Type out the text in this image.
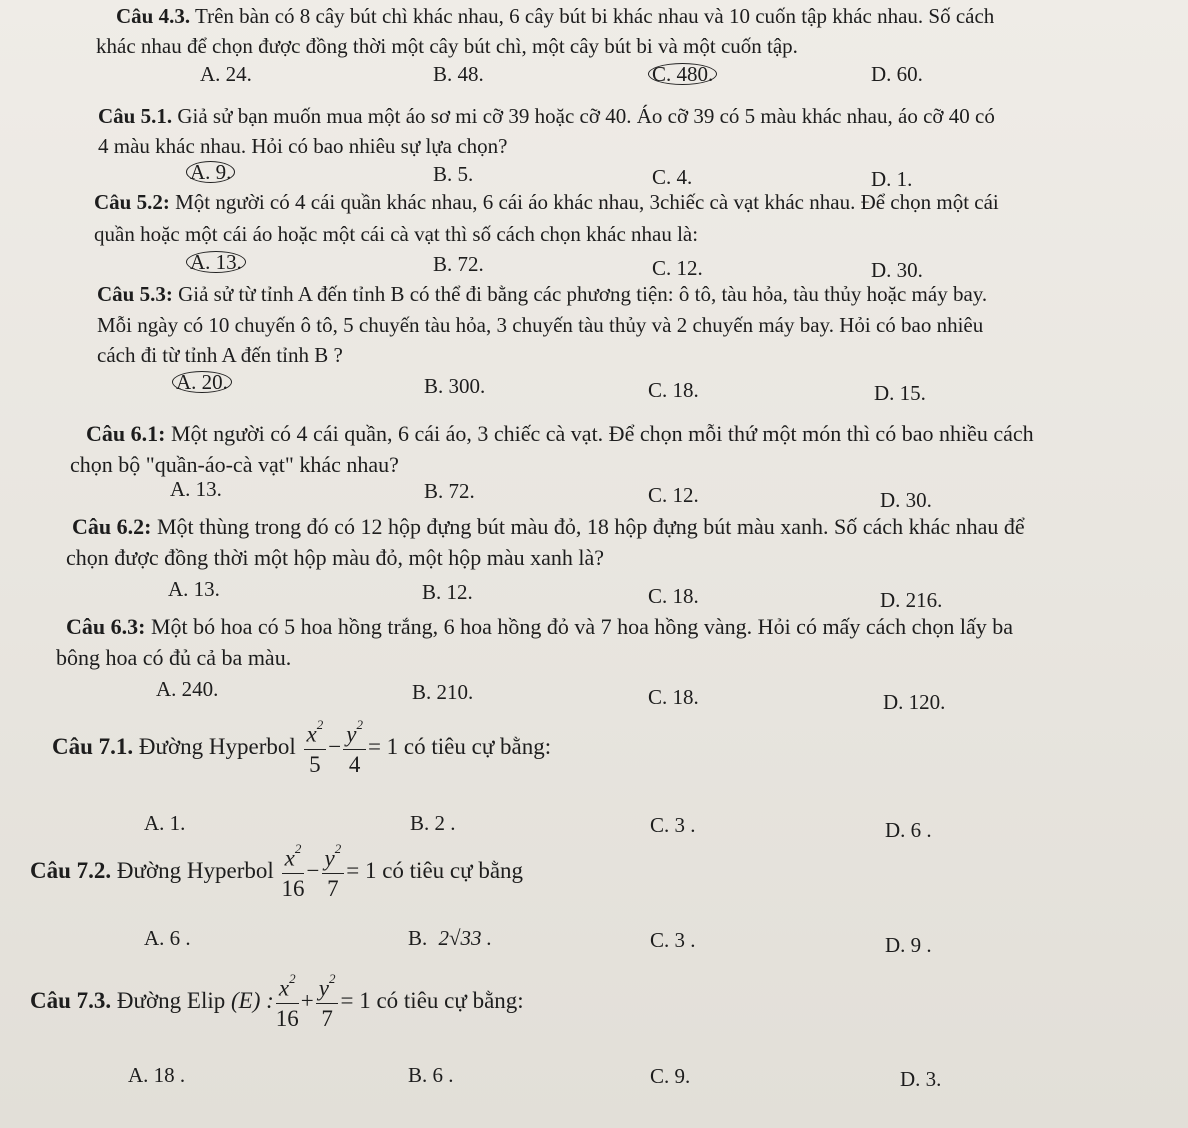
Câu 4.3. Trên bàn có 8 cây bút chì khác nhau, 6 cây bút bi khác nhau và 10 cuốn tập khác nhau. Số cách
khác nhau để chọn được đồng thời một cây bút chì, một cây bút bi và một cuốn tập.
A. 24.	B. 48.	C. 480.	D. 60.
Câu 5.1. Giả sử bạn muốn mua một áo sơ mi cỡ 39 hoặc cỡ 40. Áo cỡ 39 có 5 màu khác nhau, áo cỡ 40 có
4 màu khác nhau. Hỏi có bao nhiêu sự lựa chọn?
A. 9.	B. 5.	C. 4.	D. 1.
Câu 5.2: Một người có 4 cái quần khác nhau, 6 cái áo khác nhau, 3chiếc cà vạt khác nhau. Để chọn một cái
quần hoặc một cái áo hoặc một cái cà vạt thì số cách chọn khác nhau là:
A. 13.	B. 72.	C. 12.	D. 30.
Câu 5.3: Giả sử từ tỉnh A đến tỉnh B có thể đi bằng các phương tiện: ô tô, tàu hỏa, tàu thủy hoặc máy bay.
Mỗi ngày có 10 chuyến ô tô, 5 chuyến tàu hỏa, 3 chuyến tàu thủy và 2 chuyến máy bay. Hỏi có bao nhiêu
cách đi từ tỉnh A đến tỉnh B ?
A. 20.	B. 300.	C. 18.	D. 15.
Câu 6.1: Một người có 4 cái quần, 6 cái áo, 3 chiếc cà vạt. Để chọn mỗi thứ một món thì có bao nhiều cách
chọn bộ "quần-áo-cà vạt" khác nhau?
A. 13.	B. 72.	C. 12.	D. 30.
Câu 6.2: Một thùng trong đó có 12 hộp đựng bút màu đỏ, 18 hộp đựng bút màu xanh. Số cách khác nhau để
chọn được đồng thời một hộp màu đỏ, một hộp màu xanh là?
A. 13.	B. 12.	C. 18.	D. 216.
Câu 6.3: Một bó hoa có 5 hoa hồng trắng, 6 hoa hồng đỏ và 7 hoa hồng vàng. Hỏi có mấy cách chọn lấy ba
bông hoa có đủ cả ba màu.
A. 240.	B. 210.	C. 18.	D. 120.
Câu 7.1.
Đường Hyperbol
$\frac{x^2}{5} - \frac{y^2}{4} = 1$
có tiêu cự bằng:
A. 1.	B. 2 .	C. 3 .	D. 6 .
Câu 7.2.
Đường Hyperbol
$\frac{x^2}{16} - \frac{y^2}{7} = 1$
có tiêu cự bằng
A. 6 .	B. 2√33 .	C. 3 .	D. 9 .
Câu 7.3.
Đường Elip
(E) : $\frac{x^2}{16} + \frac{y^2}{7} = 1$
có tiêu cự bằng:
A. 18 .	B. 6 .	C. 9.	D. 3.
